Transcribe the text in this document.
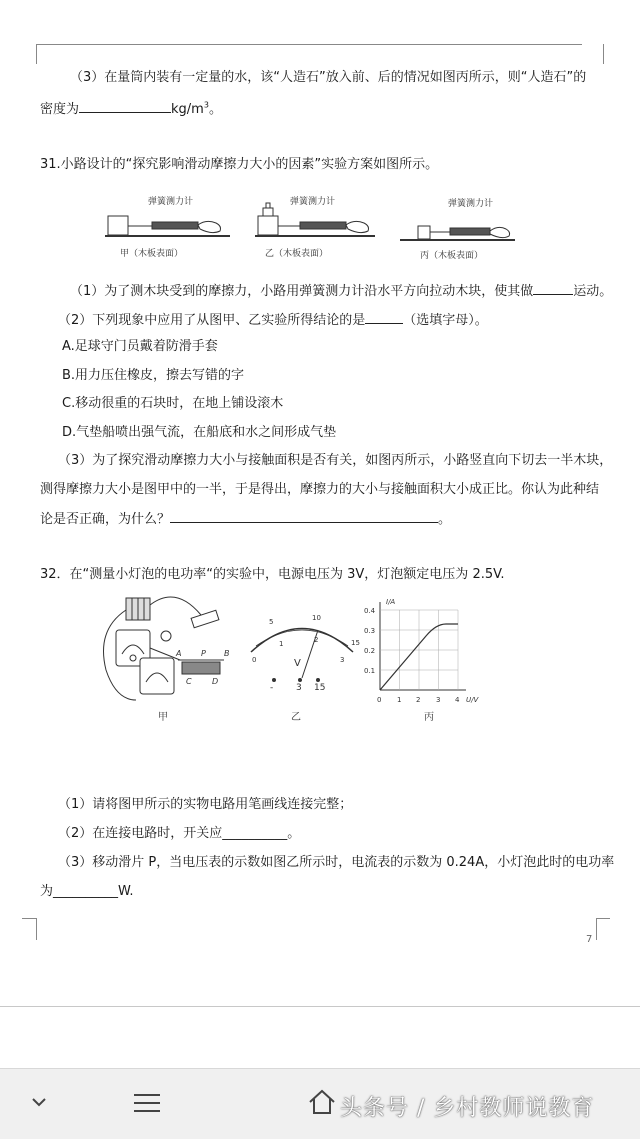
（3）在量筒内装有一定量的水，该“人造石”放入前、后的情况如图丙所示，则“人造石”的
密度为	$kg/m^3$。
31.小路设计的“探究影响滑动摩擦力大小的因素”实验方案如图所示。
弹簧测力计
甲（木板表面）
弹簧测力计
乙（木板表面）
弹簧测力计
丙（木板表面）
（1）为了测木块受到的摩擦力，小路用弹簧测力计沿水平方向拉动木块，使其做	运动。
（2）下列现象中应用了从图甲、乙实验所得结论的是	（选填字母）。
A.足球守门员戴着防滑手套
B.用力压住橡皮，擦去写错的字
C.移动很重的石块时，在地上铺设滚木
D.气垫船喷出强气流，在船底和水之间形成气垫
（3）为了探究滑动摩擦力大小与接触面积是否有关，如图丙所示，小路竖直向下切去一半木块，
测得摩擦力大小是图甲中的一半，于是得出，摩擦力的大小与接触面积大小成正比。你认为此种结
论是否正确，为什么？	。
32．在“测量小灯泡的电功率“的实验中，电源电压为 3V，灯泡额定电压为 2.5V.
A	B
C	D
P
甲
5	10
15
0
1	2
3
V
-	3 15
乙
I/A
U/V
0.4
0.3
0.2
0.1
0 1 2 3 4
丙
（1）请将图甲所示的实物电路用笔画线连接完整；
（2）在连接电路时，开关应__________。
（3）移动滑片 P，当电压表的示数如图乙所示时，电流表的示数为 0.24A，小灯泡此时的电功率
为__________W.
7
头条号 / 乡村教师说教育
